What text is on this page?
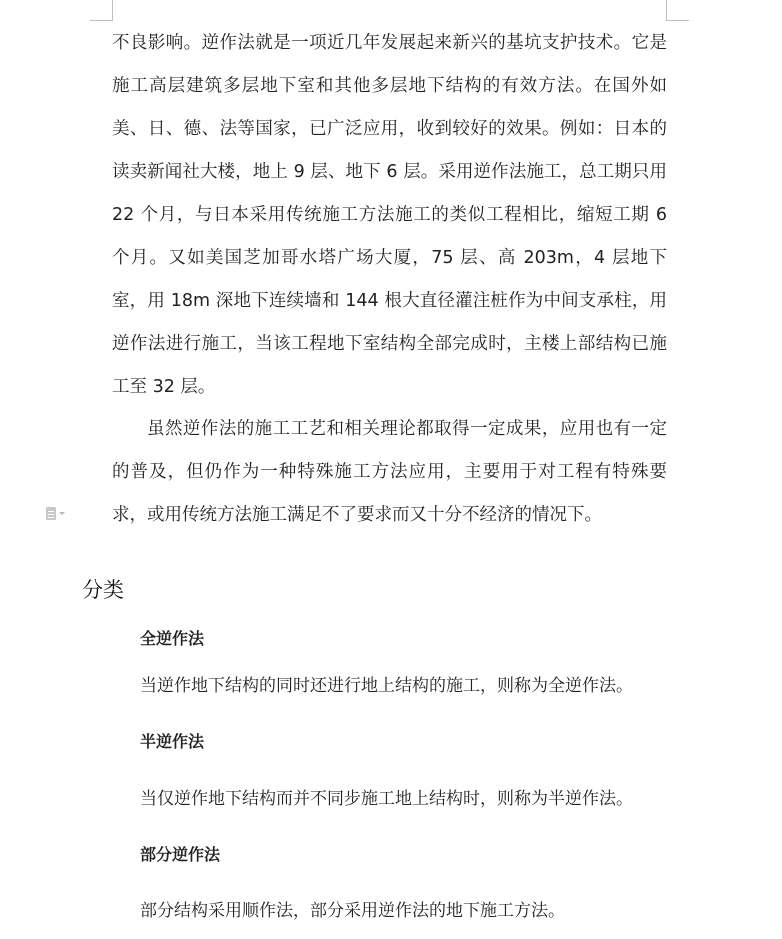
不良影响。逆作法就是一项近几年发展起来新兴的基坑支护技术。它是施工高层建筑多层地下室和其他多层地下结构的有效方法。在国外如美、日、德、法等国家，已广泛应用，收到较好的效果。例如：日本的读卖新闻社大楼，地上 9 层、地下 6 层。采用逆作法施工，总工期只用 22 个月，与日本采用传统施工方法施工的类似工程相比，缩短工期 6 个月。又如美国芝加哥水塔广场大厦，75 层、高 203m，4 层地下室，用 18m 深地下连续墙和 144 根大直径灌注桩作为中间支承柱，用逆作法进行施工，当该工程地下室结构全部完成时，主楼上部结构已施工至 32 层。

虽然逆作法的施工工艺和相关理论都取得一定成果，应用也有一定的普及，但仍作为一种特殊施工方法应用，主要用于对工程有特殊要求，或用传统方法施工满足不了要求而又十分不经济的情况下。

分类
全逆作法

当逆作地下结构的同时还进行地上结构的施工，则称为全逆作法。

半逆作法

当仅逆作地下结构而并不同步施工地上结构时，则称为半逆作法。

部分逆作法

部分结构采用顺作法，部分采用逆作法的地下施工方法。
